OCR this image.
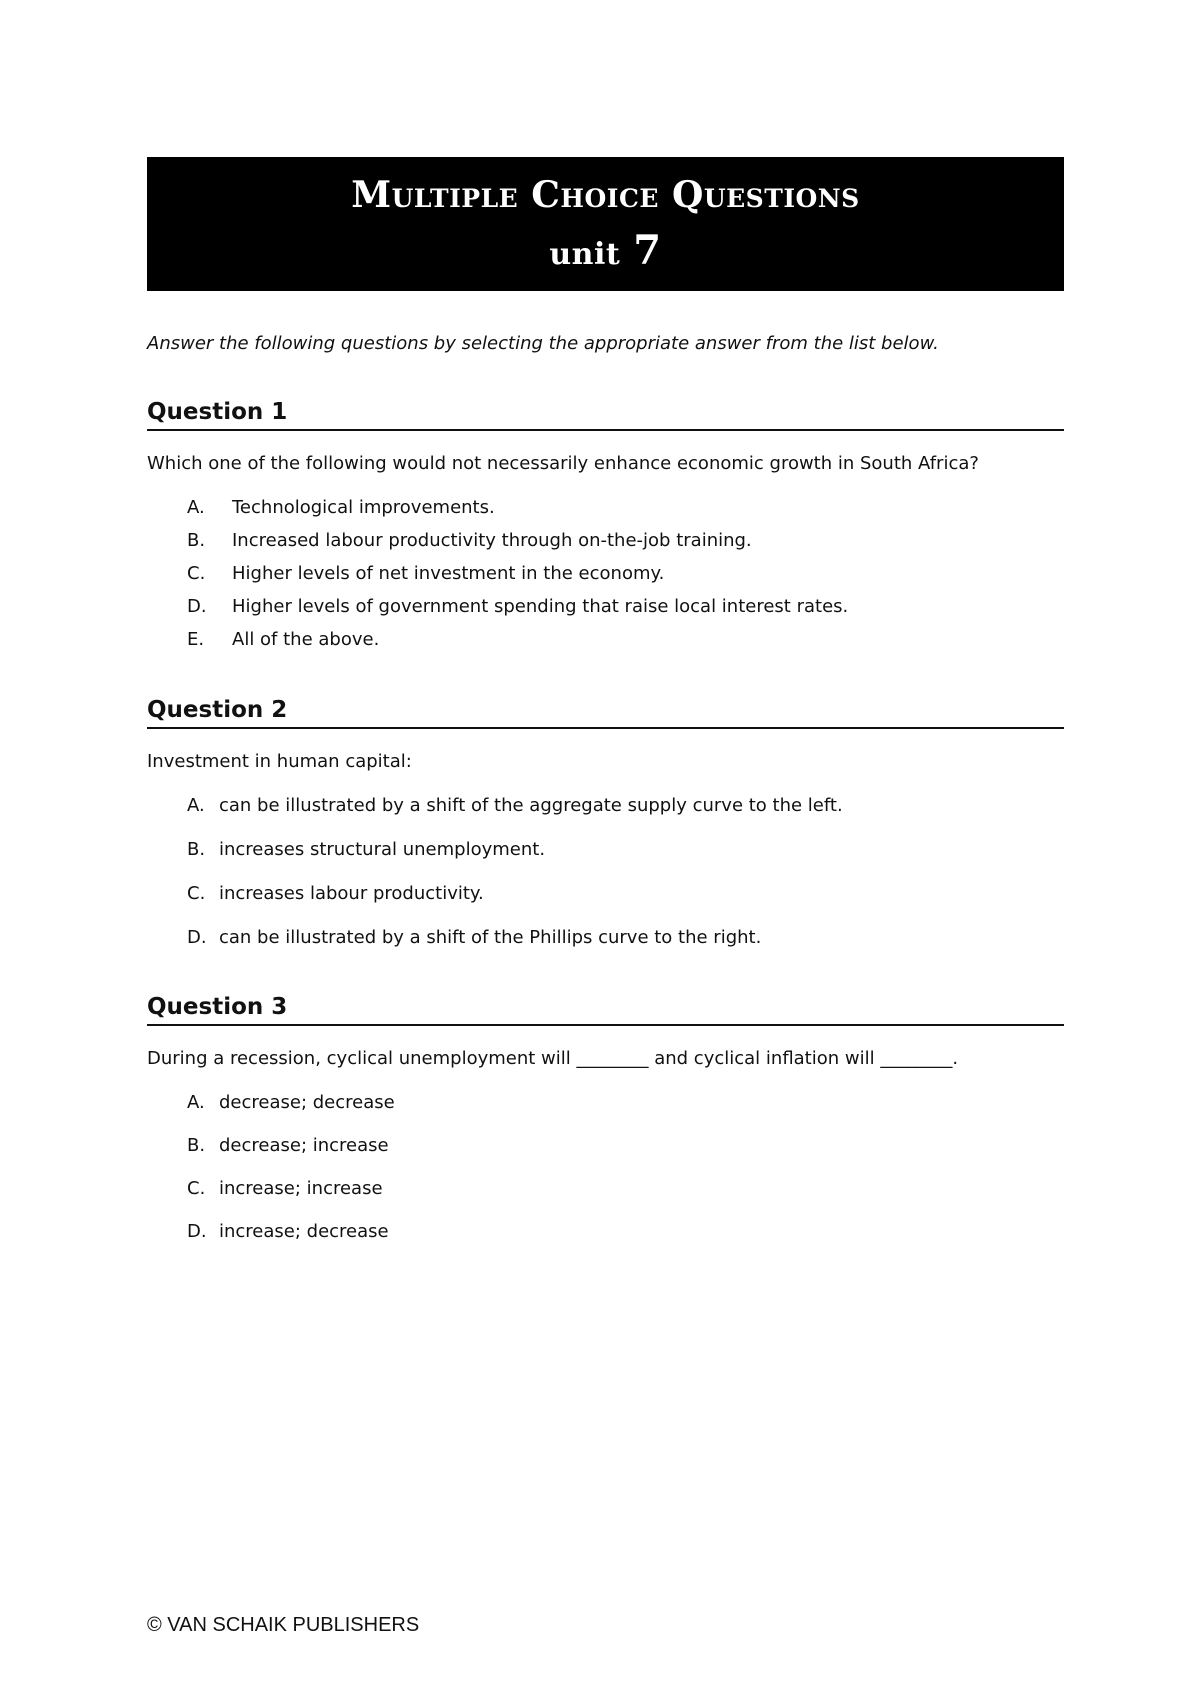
Multiple Choice Questions
unit 7
Answer the following questions by selecting the appropriate answer from the list below.
Question 1
Which one of the following would not necessarily enhance economic growth in South Africa?
A.	Technological improvements.
B.	Increased labour productivity through on-the-job training.
C.	Higher levels of net investment in the economy.
D.	Higher levels of government spending that raise local interest rates.
E.	All of the above.
Question 2
Investment in human capital:
A. can be illustrated by a shift of the aggregate supply curve to the left.
B. increases structural unemployment.
C. increases labour productivity.
D. can be illustrated by a shift of the Phillips curve to the right.
Question 3
During a recession, cyclical unemployment will ________ and cyclical inflation will ________.
A. decrease; decrease
B. decrease; increase
C. increase; increase
D. increase; decrease
© VAN SCHAIK PUBLISHERS
